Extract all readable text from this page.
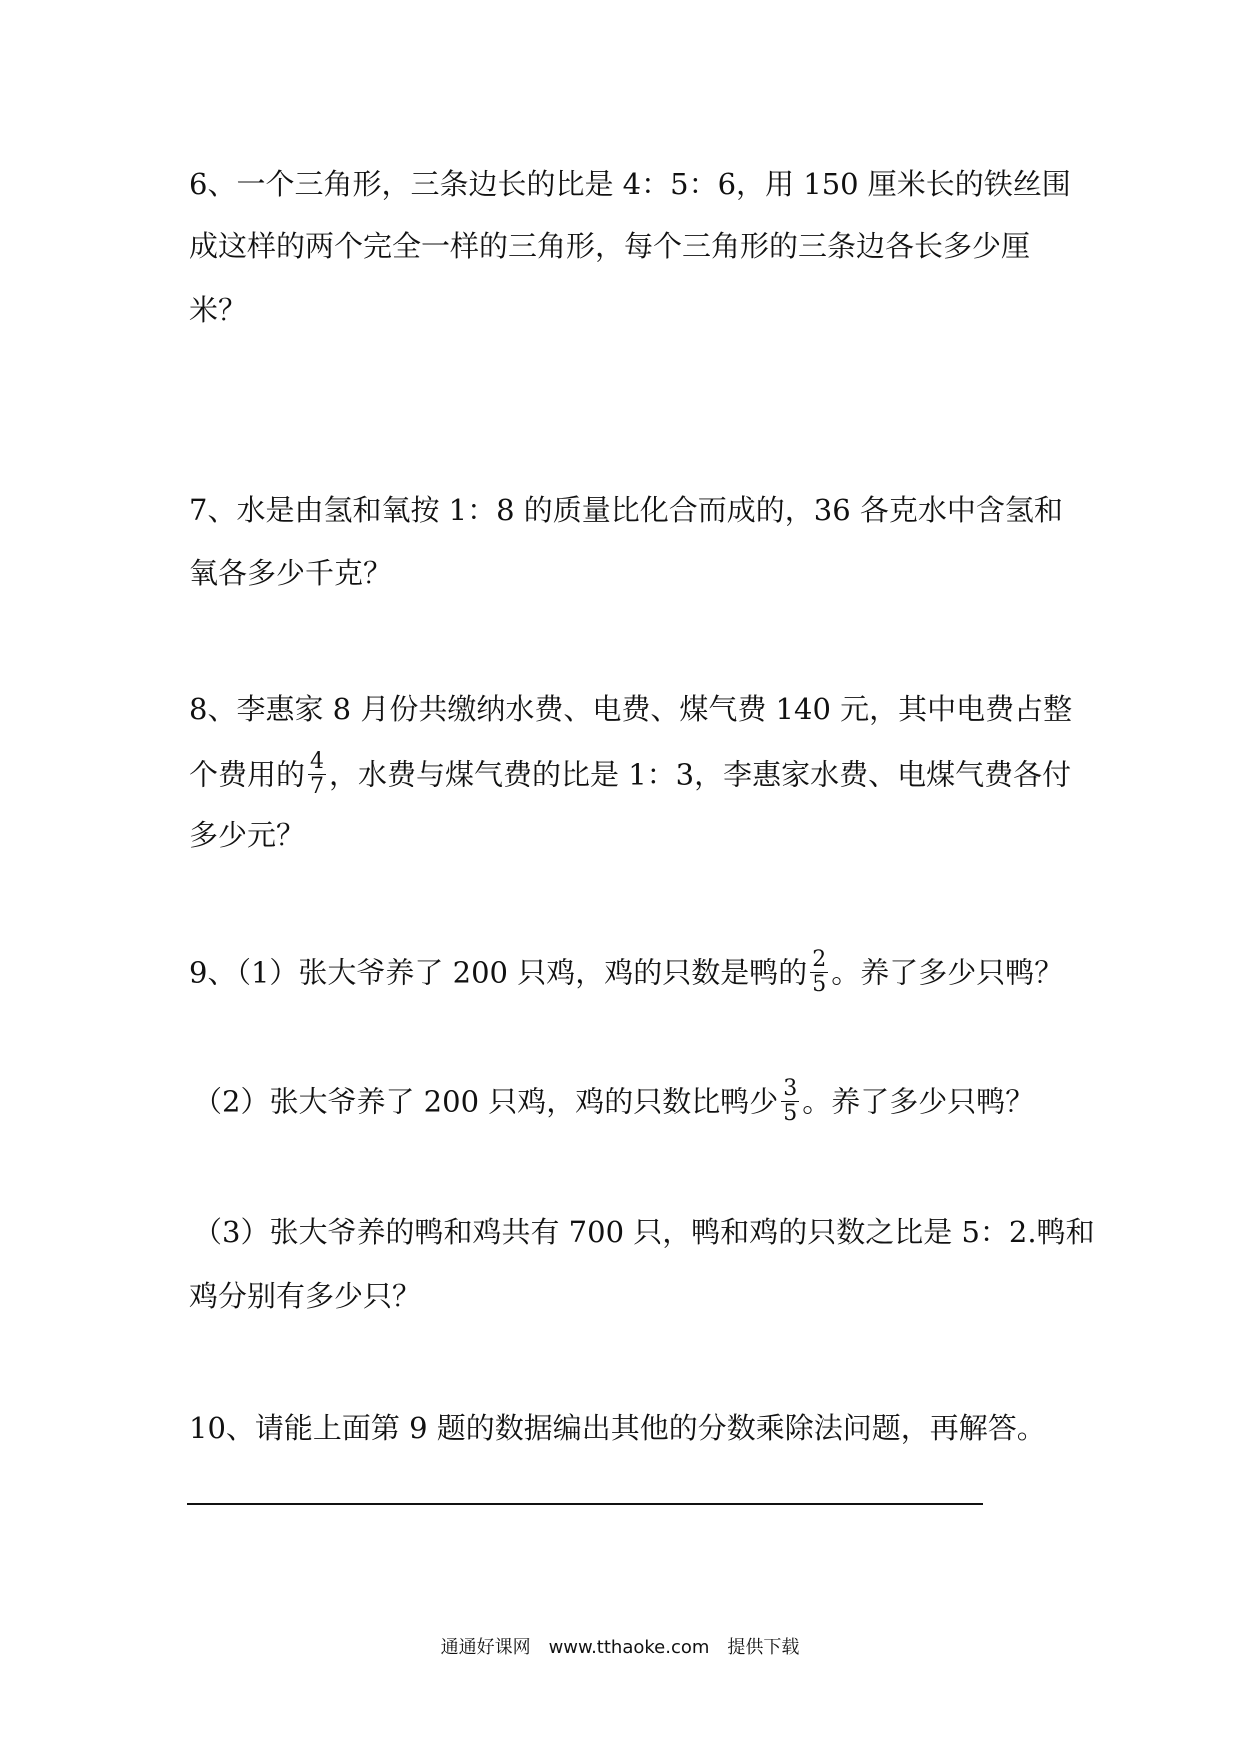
6、一个三角形，三条边长的比是 4：5：6，用 150 厘米长的铁丝围
成这样的两个完全一样的三角形，每个三角形的三条边各长多少厘
米？
7、水是由氢和氧按 1：8 的质量比化合而成的，36 各克水中含氢和
氧各多少千克？
8、李惠家 8 月份共缴纳水费、电费、煤气费 140 元，其中电费占整
个费用的 $\frac{4}{7}$ ，水费与煤气费的比是 1：3，李惠家水费、电煤气费各付
多少元？
9、（1）张大爷养了 200 只鸡，鸡的只数是鸭的 $\frac{2}{5}$ 。养了多少只鸭？
（2）张大爷养了 200 只鸡，鸡的只数比鸭少 $\frac{3}{5}$ 。养了多少只鸭？
（3）张大爷养的鸭和鸡共有 700 只，鸭和鸡的只数之比是 5：2.鸭和
鸡分别有多少只？
10、请能上面第 9 题的数据编出其他的分数乘除法问题，再解答。
通通好课网　www.tthaoke.com　提供下载
